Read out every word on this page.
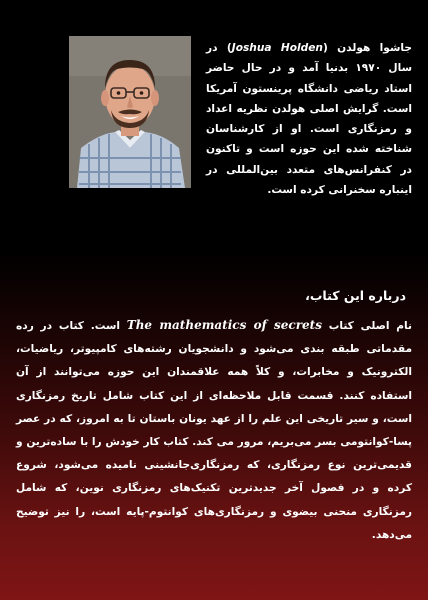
جاشوا هولدن (Joshua Holden) در سال ۱۹۷۰ بدنیا آمد و در حال حاضر استاد ریاضی دانشگاه پرینستون آمریکا است. گرایش اصلی هولدن نظریه اعداد و رمزنگاری است. او از کارشناسان شناخته شده این حوزه است و تاکنون در کنفرانس‌های متعدد بین‌المللی در اینباره سخنرانی کرده است.
درباره این کتاب،
نام اصلی کتاب The mathematics of secrets است. کتاب در رده مقدماتی طبقه بندی می‌شود و دانشجویان رشته‌های کامپیوتر، ریاضیات، الکترونیک و مخابرات، و کلاً همه علاقمندان این حوزه می‌توانند از آن استفاده کنند. قسمت قابل ملاحظه‌ای از این کتاب شامل تاریخ رمزنگاری است، و سیر تاریخی این علم را از عهد یونان باستان تا به امروز، که در عصر پسا-کوانتومی بسر می‌بریم، مرور می کند. کتاب کار خودش را با ساده‌ترین و قدیمی‌ترین نوع رمزنگاری، که رمزنگاری‌جانشینی نامیده می‌شود، شروع کرده و در فصول آخر جدیدترین تکنیک‌های رمزنگاری نوین، که شامل رمزنگاری منحنی بیضوی و رمزنگاری‌های کوانتوم-پایه است، را نیز توضیح می‌دهد.
